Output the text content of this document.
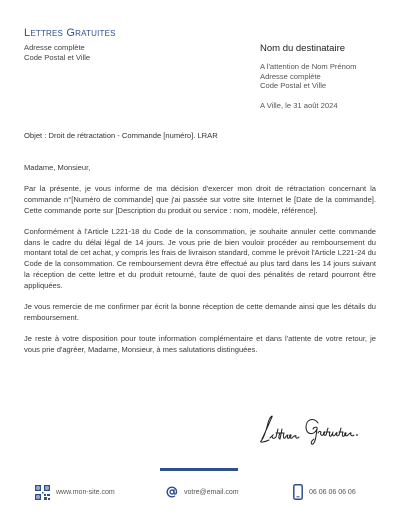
Lettres Gratuites
Adresse complète
Code Postal et Ville
Nom du destinataire
A l'attention de Nom Prénom
Adresse complète
Code Postal et Ville
A Ville, le 31 août 2024
Objet : Droit de rétractation - Commande [numéro]. LRAR

Madame, Monsieur,

Par la présente, je vous informe de ma décision d'exercer mon droit de rétractation concernant la commande n°[Numéro de commande] que j'ai passée sur votre site Internet le [Date de la commande]. Cette commande porte sur [Description du produit ou service : nom, modèle, référence].

Conformément à l'Article L221-18 du Code de la consommation, je souhaite annuler cette commande dans le cadre du délai légal de 14 jours. Je vous prie de bien vouloir procéder au remboursement du montant total de cet achat, y compris les frais de livraison standard, comme le prévoit l'Article L221-24 du Code de la consommation. Ce remboursement devra être effectué au plus tard dans les 14 jours suivant la réception de cette lettre et du produit retourné, faute de quoi des pénalités de retard pourront être appliquées.

Je vous remercie de me confirmer par écrit la bonne réception de cette demande ainsi que les détails du remboursement.

Je reste à votre disposition pour toute information complémentaire et dans l'attente de votre retour, je vous prie d'agréer, Madame, Monsieur, à mes salutations distinguées.

www.mon-site.com	votre@email.com	06 06 06 06 06
